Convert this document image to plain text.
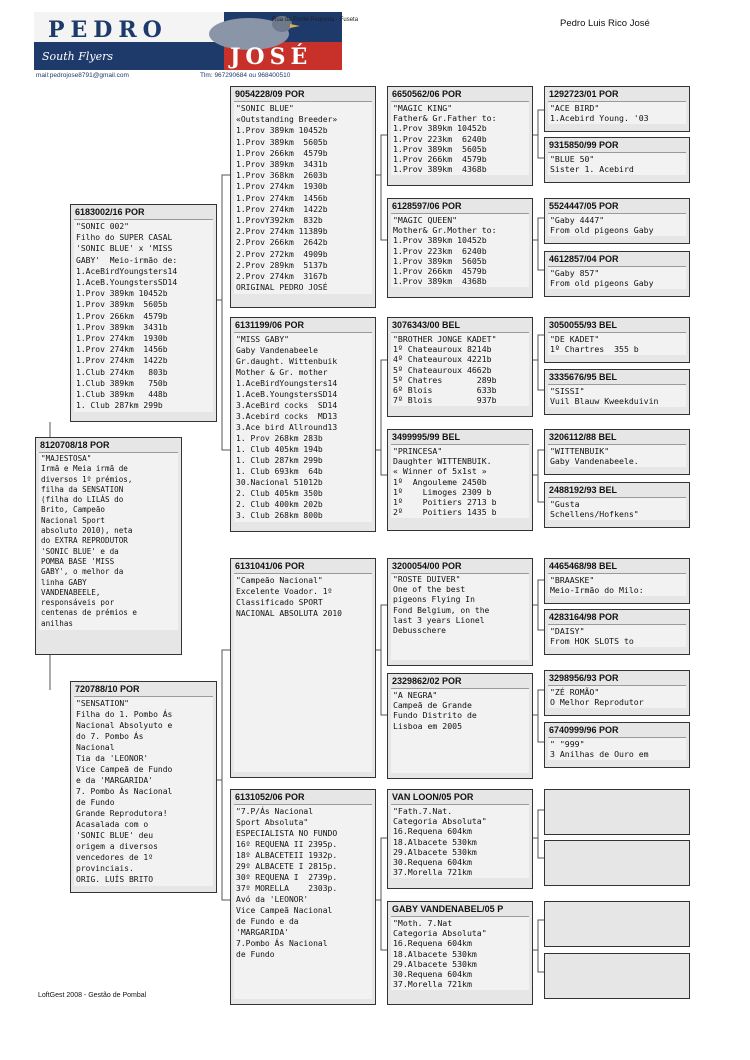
PEDRO
JOSÉ
Rua da Ponte Pequena - Fuseta
South Flyers
mail:pedrojose8791@gmail.com	Tlm: 967290684 ou 968400510
Pedro Luis Rico José
8120708/18 POR
"MAJESTOSA"
Irmã e Meia irmã de
diversos 1º prémios,
filha da SENSATION
(filha do LILÁS do
Brito, Campeão
Nacional Sport
absoluto 2010), neta
do EXTRA REPRODUTOR
'SONIC BLUE' e da
POMBA BASE 'MISS
GABY', o melhor da
linha GABY
VANDENABEELE,
responsáveis por
centenas de prémios e
anilhas
6183002/16 POR
"SONIC 002"
Filho do SUPER CASAL
'SONIC BLUE' x 'MISS
GABY'  Meio-irmão de:
1.AceBirdYoungsters14
1.AceB.YoungstersSD14
1.Prov 389km 10452b
1.Prov 389km  5605b
1.Prov 266km  4579b
1.Prov 389km  3431b
1.Prov 274km  1930b
1.Prov 274km  1456b
1.Prov 274km  1422b
1.Club 274km   803b
1.Club 389km   750b
1.Club 389km   448b
1. Club 287km 299b
720788/10 POR
"SENSATION"
Filha do 1. Pombo Ás
Nacional Absolyuto e
do 7. Pombo Ás
Nacional
Tia da 'LEONOR'
Vice Campeã de Fundo
e da 'MARGARIDA'
7. Pombo Ás Nacional
de Fundo
Grande Reprodutora!
Acasalada com o
'SONIC BLUE' deu
origem a diversos
vencedores de 1º
provinciais.
ORIG. LUÍS BRITO
9054228/09 POR
"SONIC BLUE"
«Outstanding Breeder»
1.Prov 389km 10452b
1.Prov 389km  5605b
1.Prov 266km  4579b
1.Prov 389km  3431b
1.Prov 368km  2603b
1.Prov 274km  1930b
1.Prov 274km  1456b
1.Prov 274km  1422b
1.ProvY392km  832b
2.Prov 274km 11389b
2.Prov 266km  2642b
2.Prov 272km  4909b
2.Prov 289km  5137b
2.Prov 274km  3167b
ORIGINAL PEDRO JOSÉ
6131199/06 POR
"MISS GABY"
Gaby Vandenabeele
Gr.daught. Wittenbuik
Mother & Gr. mother
1.AceBirdYoungsters14
1.AceB.YoungstersSD14
3.AceBird cocks  SD14
3.Acebird cocks  MD13
3.Ace bird Allround13
1. Prov 268km 283b
1. Club 405km 194b
1. Club 287km 299b
1. Club 693km  64b
30.Nacional 51012b
2. Club 405km 350b
2. Club 400km 202b
3. Club 268km 800b
6131041/06 POR
"Campeão Nacional"
Excelente Voador. 1º
Classificado SPORT
NACIONAL ABSOLUTA 2010
6131052/06 POR
"7.P/Ás Nacional
Sport Absoluta"
ESPECIALISTA NO FUNDO
16º REQUENA II 2395p.
18º ALBACETEII 1932p.
29º ALBACETE I 2815p.
30º REQUENA I  2739p.
37º MORELLA    2303p.
Avó da 'LEONOR'
Vice Campeã Nacional
de Fundo e da
'MARGARIDA'
7.Pombo Ás Nacional
de Fundo
6650562/06 POR
"MAGIC KING"
Father& Gr.Father to:
1.Prov 389km 10452b
1.Prov 223km  6240b
1.Prov 389km  5605b
1.Prov 266km  4579b
1.Prov 389km  4368b
6128597/06 POR
"MAGIC QUEEN"
Mother& Gr.Mother to:
1.Prov 389km 10452b
1.Prov 223km  6240b
1.Prov 389km  5605b
1.Prov 266km  4579b
1.Prov 389km  4368b
3076343/00 BEL
"BROTHER JONGE KADET"
1º Chateauroux 8214b
4º Chateauroux 4221b
5º Chateauroux 4662b
5º Chatres       289b
6º Blois         633b
7º Blois         937b
3499995/99 BEL
"PRINCESA"
Daughter WITTENBUIK.
« Winner of 5x1st »
1º  Angouleme 2450b
1º    Limoges 2309 b
1º    Poitiers 2713 b
2º    Poitiers 1435 b
3200054/00 POR
"ROSTE DUIVER"
One of the best
pigeons Flying In
Fond Belgium, on the
last 3 years Lionel
Debusschere
2329862/02 POR
"A NEGRA"
Campeã de Grande
Fundo Distrito de
Lisboa em 2005
VAN LOON/05 POR
"Fath.7.Nat.
Categoria Absoluta"
16.Requena 604km
18.Albacete 530km
29.Albacete 530km
30.Requena 604km
37.Morella 721km
GABY VANDENABEL/05 P
"Moth. 7.Nat
Categoria Absoluta"
16.Requena 604km
18.Albacete 530km
29.Albacete 530km
30.Requena 604km
37.Morella 721km
1292723/01 POR
"ACE BIRD"
1.Acebird Young. '03
9315850/99 POR
"BLUE 50"
Sister 1. Acebird
5524447/05 POR
"Gaby 4447"
From old pigeons Gaby
4612857/04 POR
"Gaby 857"
From old pigeons Gaby
3050055/93 BEL
"DE KADET"
1º Chartres  355 b
3335676/95 BEL
"SISSI"
Vuil Blauw Kweekduivin
3206112/88 BEL
"WITTENBUIK"
Gaby Vandenabeele.
2488192/93 BEL
"Gusta
Schellens/Hofkens"
4465468/98 BEL
"BRAASKE"
Meio-Irmão do Milo:
4283164/98 POR
"DAISY"
From HOK SLOTS to
3298956/93 POR
"ZÉ ROMÃO"
O Melhor Reprodutor
6740999/96 POR
" "999"
3 Anilhas de Ouro em
LoftGest 2008 - Gestão de Pombal
